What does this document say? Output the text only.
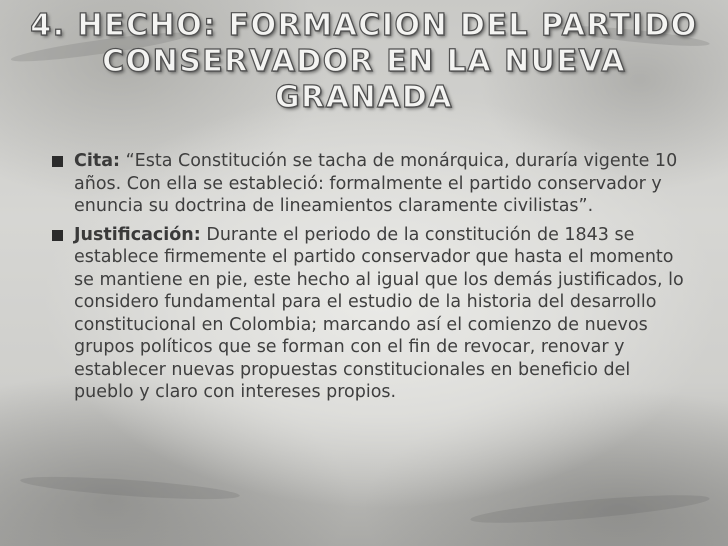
4. HECHO: FORMACION DEL PARTIDO CONSERVADOR EN LA NUEVA GRANADA
Cita: “Esta Constitución se tacha de monárquica, duraría vigente 10 años. Con ella se estableció: formalmente el partido conservador y enuncia su doctrina de lineamientos claramente civilistas”.
Justificación: Durante el periodo de la constitución de 1843 se establece firmemente el partido conservador que hasta el momento se mantiene en pie, este hecho al igual que los demás justificados, lo considero fundamental para el estudio de la historia del desarrollo constitucional en Colombia; marcando así el comienzo de nuevos grupos políticos que se forman con el fin de revocar, renovar y establecer nuevas propuestas constitucionales en beneficio del pueblo y claro con intereses propios.
